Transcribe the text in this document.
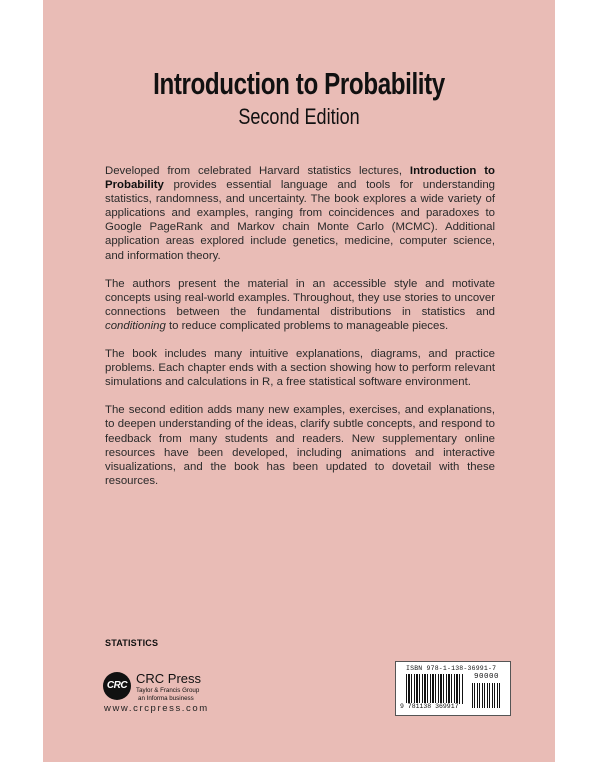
Introduction to Probability
Second Edition

Developed from celebrated Harvard statistics lectures, Introduction to Probability provides essential language and tools for understanding statistics, randomness, and uncertainty. The book explores a wide variety of applications and examples, ranging from coincidences and paradoxes to Google PageRank and Markov chain Monte Carlo (MCMC). Additional application areas explored include genetics, medicine, computer science, and information theory.

The authors present the material in an accessible style and motivate concepts using real-world examples. Throughout, they use stories to uncover connections between the fundamental distributions in statistics and conditioning to reduce complicated problems to manageable pieces.

The book includes many intuitive explanations, diagrams, and practice problems. Each chapter ends with a section showing how to perform relevant simulations and calculations in R, a free statistical software environment.

The second edition adds many new examples, exercises, and explanations, to deepen understanding of the ideas, clarify subtle concepts, and respond to feedback from many students and readers. New supplementary online resources have been developed, including animations and interactive visualizations, and the book has been updated to dovetail with these resources.

STATISTICS
CRC CRC Press
Taylor & Francis Group
an Informa business
www.crcpress.com
ISBN 978-1-138-36991-7
90000
9 781138 369917
